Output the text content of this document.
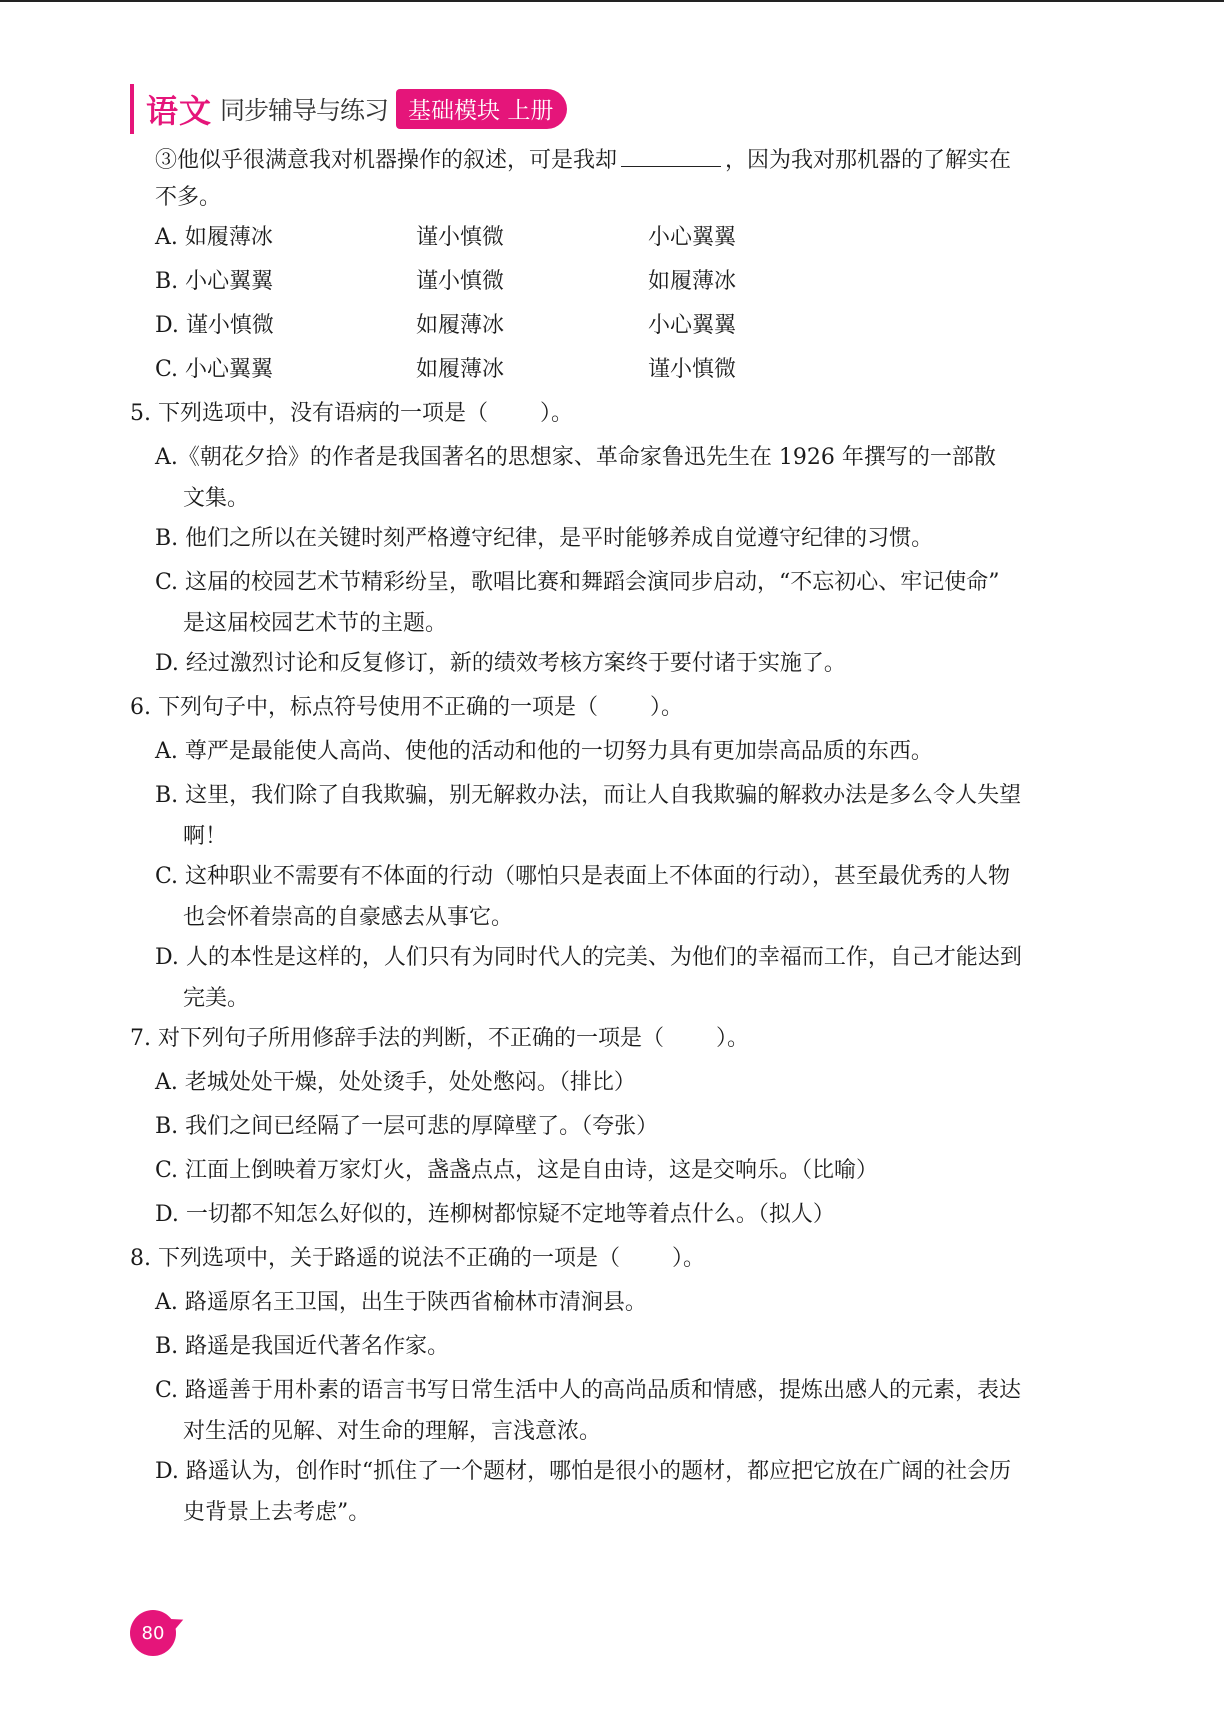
语文 同步辅导与练习 基础模块 上册
③他似乎很满意我对机器操作的叙述，可是我却	，因为我对那机器的了解实在
不多。
A. 如履薄冰	谨小慎微	小心翼翼
B. 小心翼翼	谨小慎微	如履薄冰
D. 谨小慎微	如履薄冰	小心翼翼
C. 小心翼翼	如履薄冰	谨小慎微
5. 下列选项中，没有语病的一项是（ ）。
A.《朝花夕拾》的作者是我国著名的思想家、革命家鲁迅先生在 1926 年撰写的一部散
文集。
B. 他们之所以在关键时刻严格遵守纪律，是平时能够养成自觉遵守纪律的习惯。
C. 这届的校园艺术节精彩纷呈，歌唱比赛和舞蹈会演同步启动，“不忘初心、牢记使命”
是这届校园艺术节的主题。
D. 经过激烈讨论和反复修订，新的绩效考核方案终于要付诸于实施了。
6. 下列句子中，标点符号使用不正确的一项是（ ）。
A. 尊严是最能使人高尚、使他的活动和他的一切努力具有更加崇高品质的东西。
B. 这里，我们除了自我欺骗，别无解救办法，而让人自我欺骗的解救办法是多么令人失望
啊！
C. 这种职业不需要有不体面的行动（哪怕只是表面上不体面的行动），甚至最优秀的人物
也会怀着崇高的自豪感去从事它。
D. 人的本性是这样的，人们只有为同时代人的完美、为他们的幸福而工作，自己才能达到
完美。
7. 对下列句子所用修辞手法的判断，不正确的一项是（ ）。
A. 老城处处干燥，处处烫手，处处憋闷。（排比）
B. 我们之间已经隔了一层可悲的厚障壁了。（夸张）
C. 江面上倒映着万家灯火，盏盏点点，这是自由诗，这是交响乐。（比喻）
D. 一切都不知怎么好似的，连柳树都惊疑不定地等着点什么。（拟人）
8. 下列选项中，关于路遥的说法不正确的一项是（ ）。
A. 路遥原名王卫国，出生于陕西省榆林市清涧县。
B. 路遥是我国近代著名作家。
C. 路遥善于用朴素的语言书写日常生活中人的高尚品质和情感，提炼出感人的元素，表达
对生活的见解、对生命的理解，言浅意浓。
D. 路遥认为，创作时“抓住了一个题材，哪怕是很小的题材，都应把它放在广阔的社会历
史背景上去考虑”。
80
